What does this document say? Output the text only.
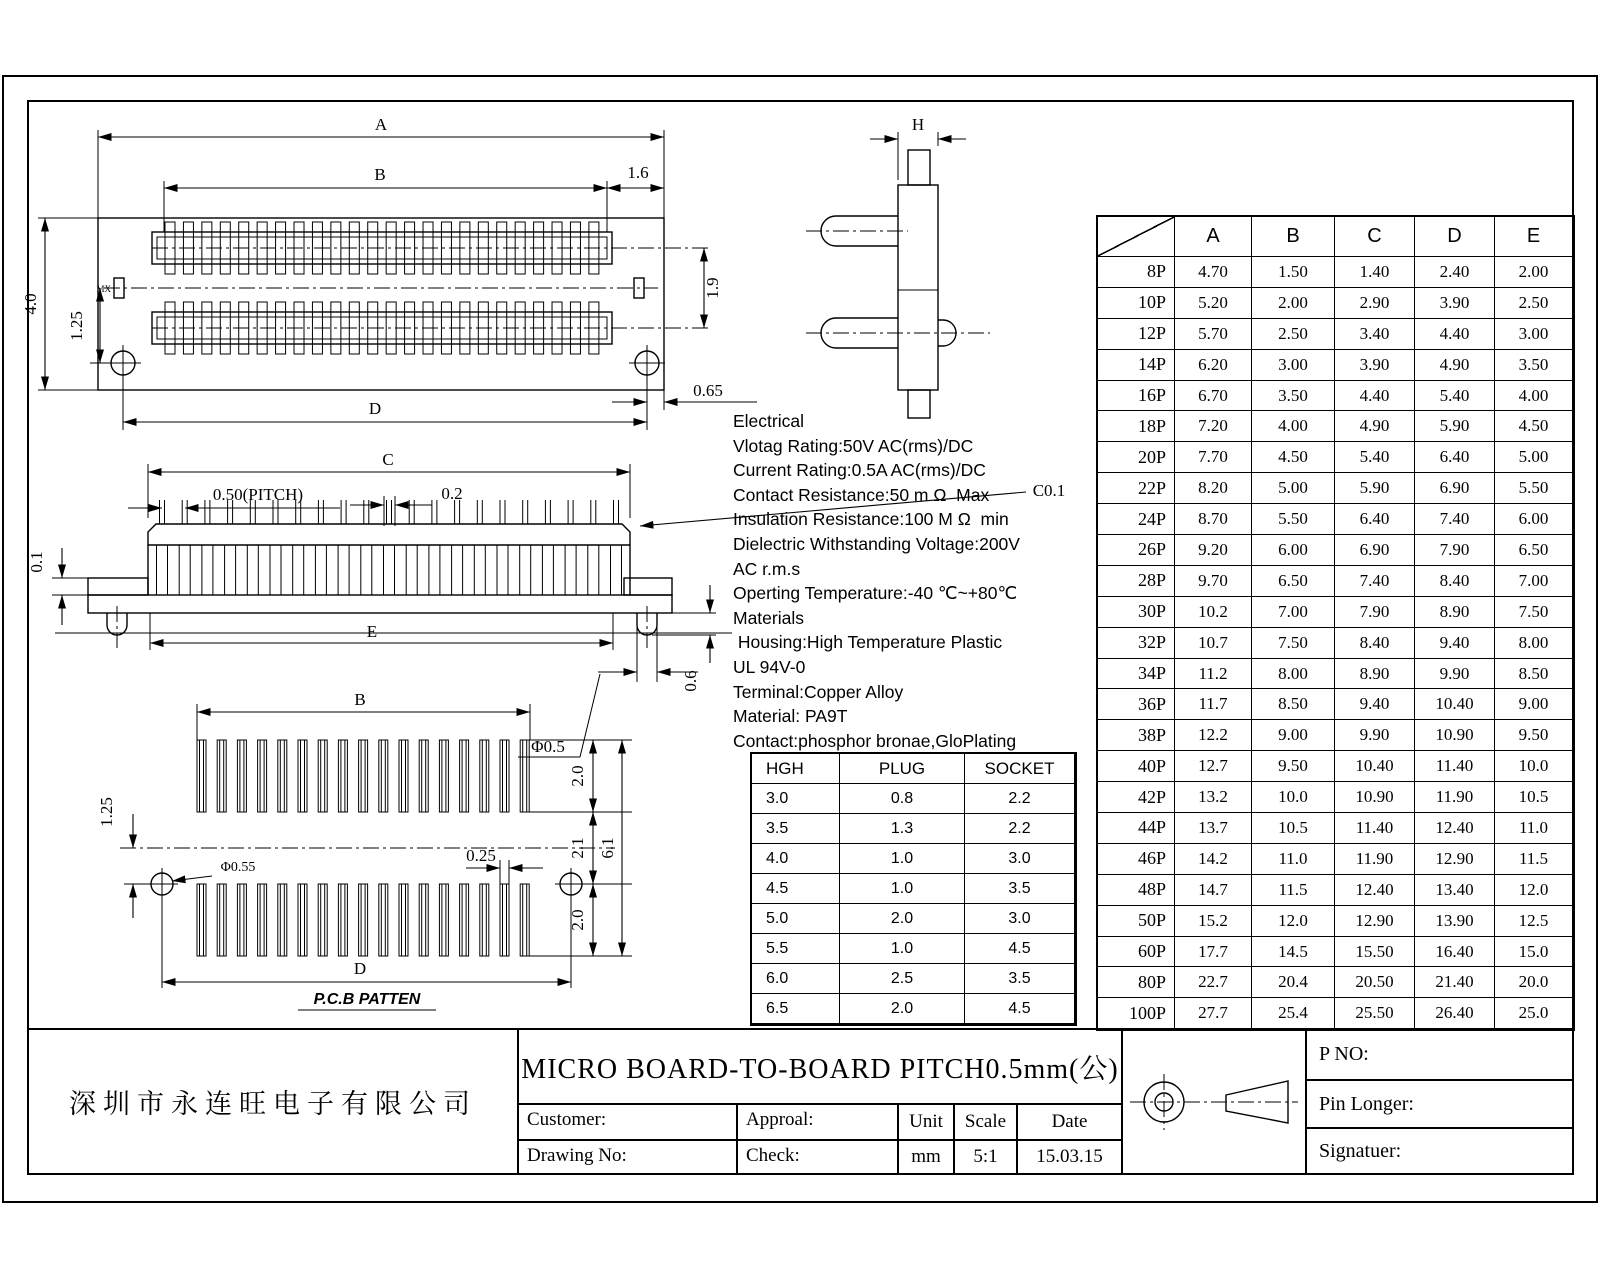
A
B	1.6
4.0
1.25
1.9
D
0.65
MX
C
0.50(PITCH)	0.2	C0.1
0.1
E
Φ0.5
0.6
B
1.25
Φ0.55
0.25
2.0
2.1
2.0
6.1
D
P.C.B PATTEN
H
Electrical
Vlotag Rating:50V AC(rms)/DC
Current Rating:0.5A AC(rms)/DC
Contact Resistance:50 m Ω  Max
Insulation Resistance:100 M Ω  min
Dielectric Withstanding Voltage:200V
AC r.m.s
Operting Temperature:-40 ℃~+80℃
Materials
Housing:High Temperature Plastic
UL 94V-0
Terminal:Copper Alloy
Material: PA9T
Contact:phosphor bronae,GloPlating
HGH	PLUG	SOCKET
3.0	0.8	2.2
3.5	1.3	2.2
4.0	1.0	3.0
4.5	1.0	3.5
5.0	2.0	3.0
5.5	1.0	4.5
6.0	2.5	3.5
6.5	2.0	4.5
A	B	C	D	E
8P	4.70	1.50	1.40	2.40	2.00
10P	5.20	2.00	2.90	3.90	2.50
12P	5.70	2.50	3.40	4.40	3.00
14P	6.20	3.00	3.90	4.90	3.50
16P	6.70	3.50	4.40	5.40	4.00
18P	7.20	4.00	4.90	5.90	4.50
20P	7.70	4.50	5.40	6.40	5.00
22P	8.20	5.00	5.90	6.90	5.50
24P	8.70	5.50	6.40	7.40	6.00
26P	9.20	6.00	6.90	7.90	6.50
28P	9.70	6.50	7.40	8.40	7.00
30P	10.2	7.00	7.90	8.90	7.50
32P	10.7	7.50	8.40	9.40	8.00
34P	11.2	8.00	8.90	9.90	8.50
36P	11.7	8.50	9.40	10.40	9.00
38P	12.2	9.00	9.90	10.90	9.50
40P	12.7	9.50	10.40	11.40	10.0
42P	13.2	10.0	10.90	11.90	10.5
44P	13.7	10.5	11.40	12.40	11.0
46P	14.2	11.0	11.90	12.90	11.5
48P	14.7	11.5	12.40	13.40	12.0
50P	15.2	12.0	12.90	13.90	12.5
60P	17.7	14.5	15.50	16.40	15.0
80P	22.7	20.4	20.50	21.40	20.0
100P	27.7	25.4	25.50	26.40	25.0
深圳市永连旺电子有限公司
MICRO BOARD-TO-BOARD PITCH0.5mm(公)
Customer:	Approal:	Unit	Scale	Date
Drawing No:	Check:	mm	5:1	15.03.15
P NO:
Pin Longer:
Signatuer:
